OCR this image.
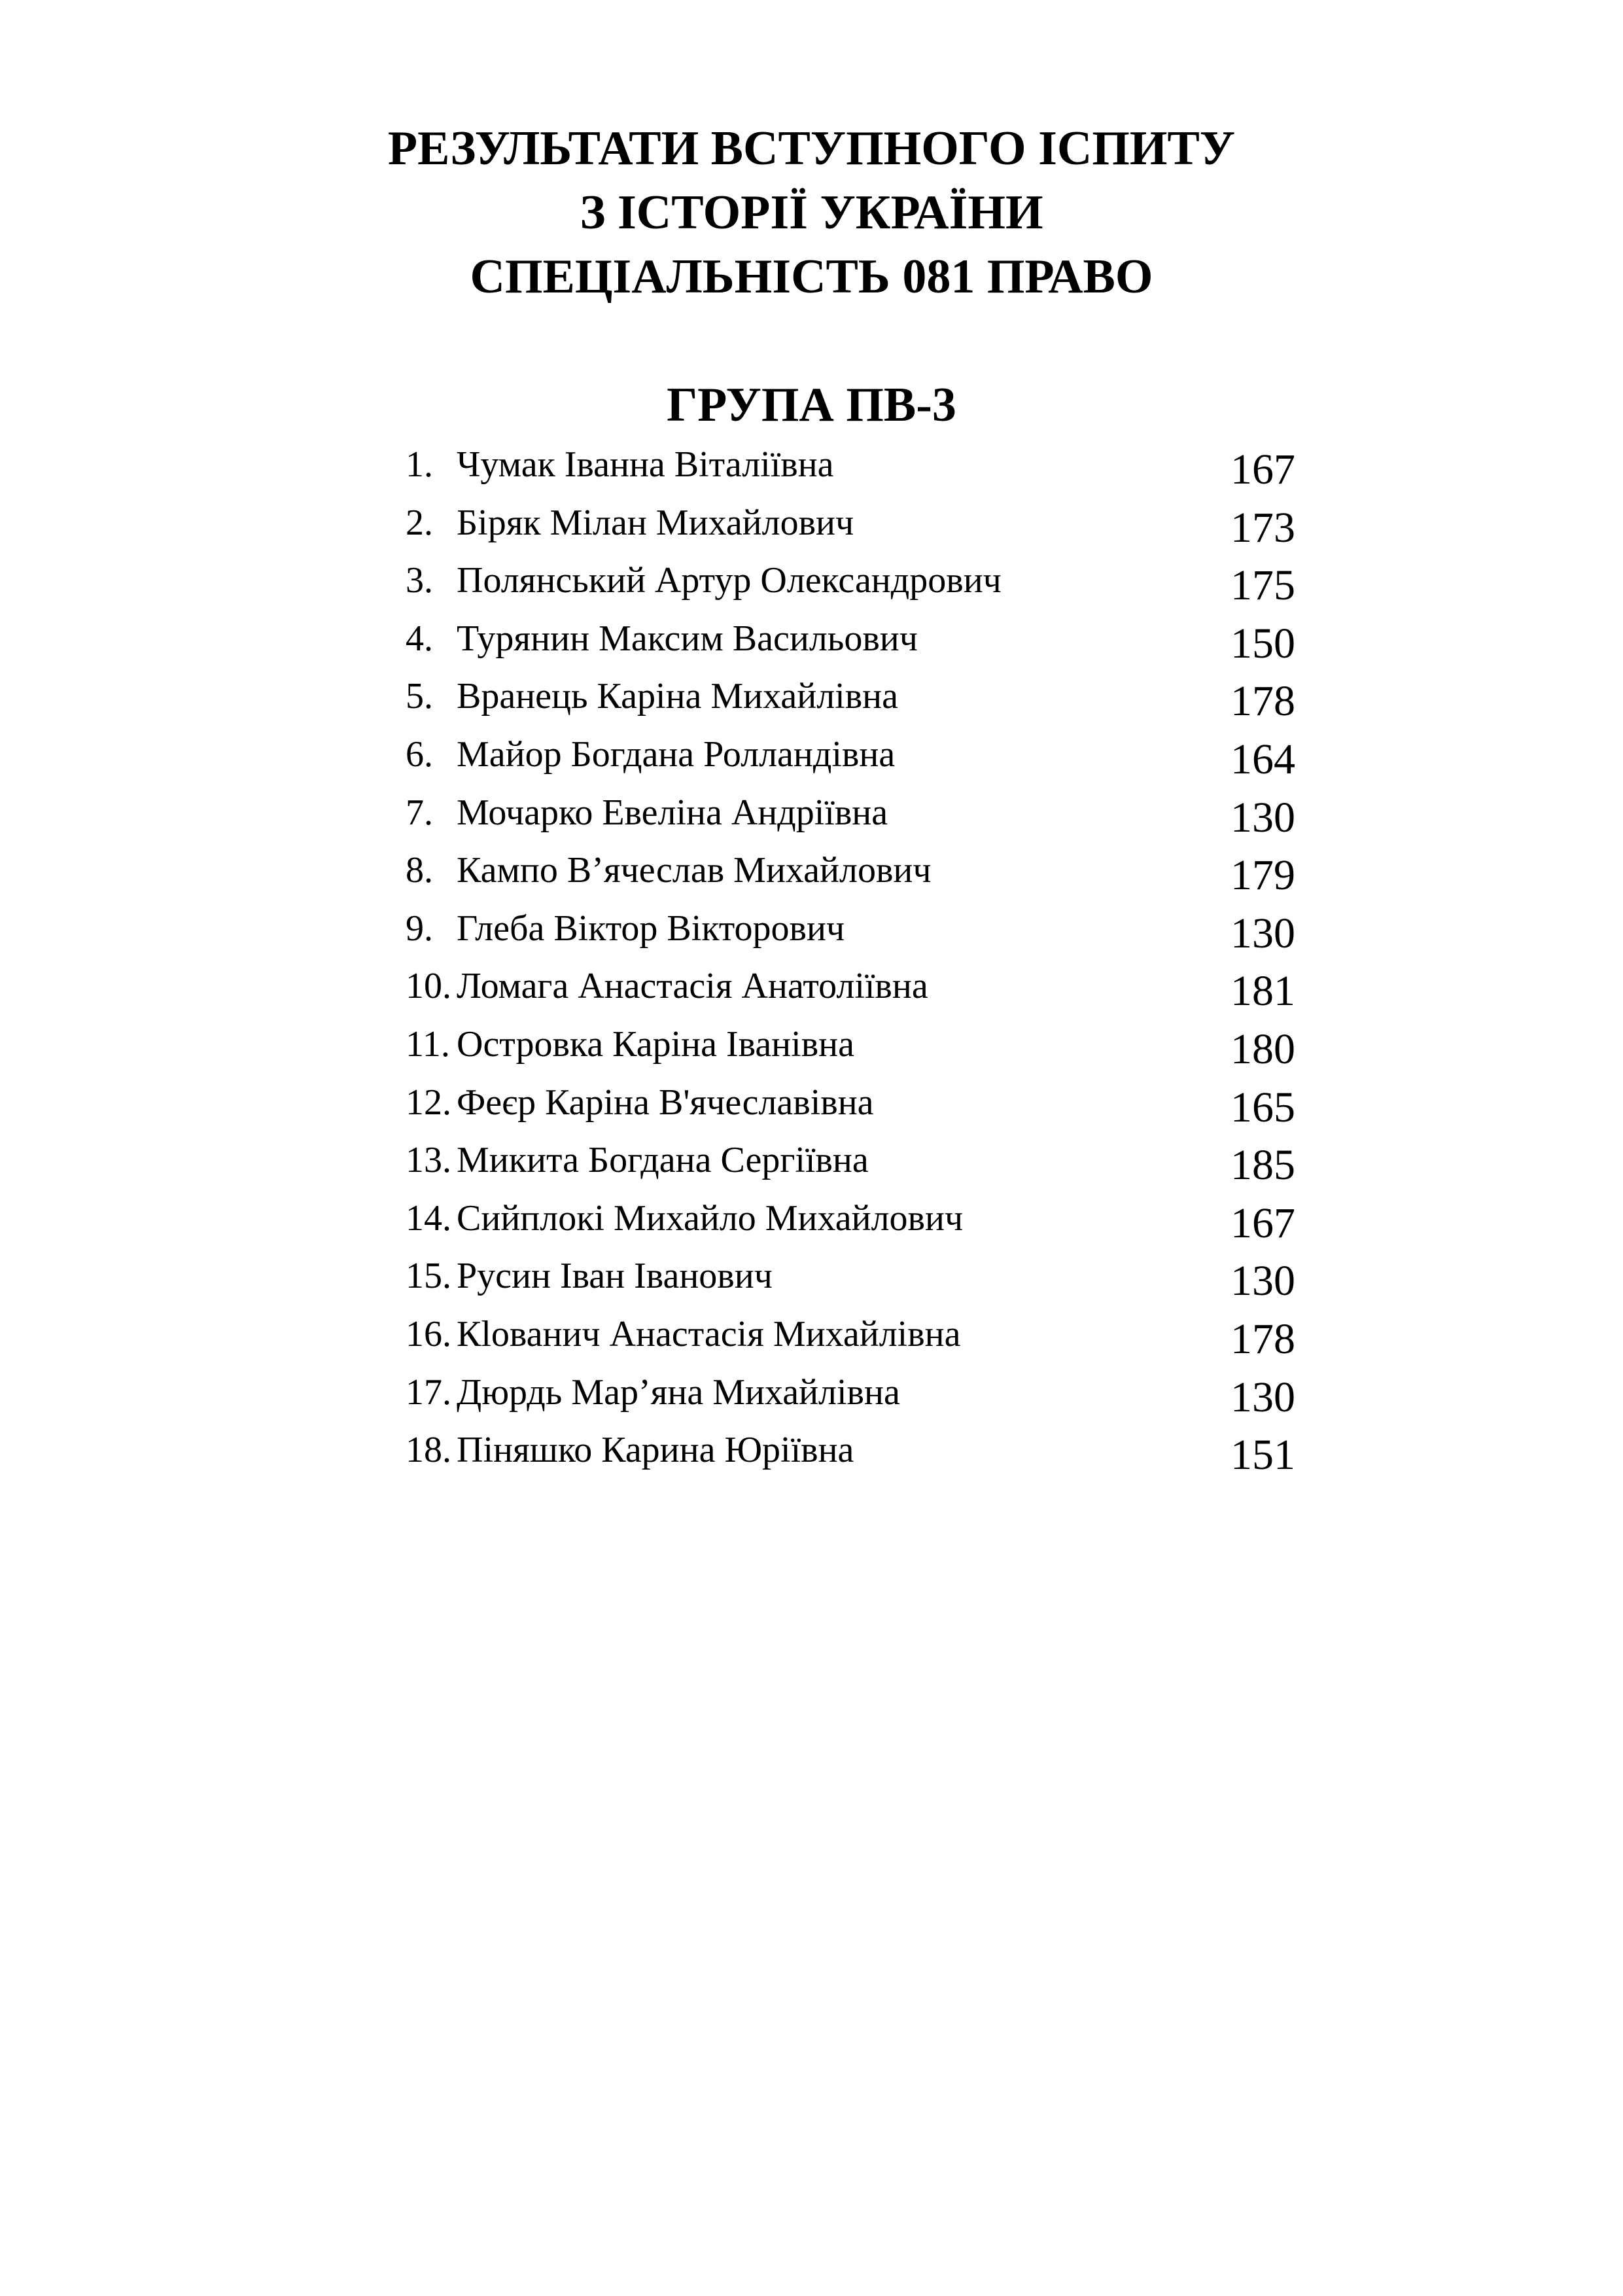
РЕЗУЛЬТАТИ ВСТУПНОГО ІСПИТУ
З ІСТОРІЇ УКРАЇНИ
СПЕЦІАЛЬНІСТЬ 081 ПРАВО
ГРУПА ПВ-3
1. Чумак Іванна Віталіївна	167
2. Біряк Мілан Михайлович	173
3. Полянський Артур Олександрович	175
4. Турянин Максим Васильович	150
5. Вранець Каріна Михайлівна	178
6. Майор Богдана Ролландівна	164
7. Мочарко Евеліна Андріївна	130
8. Кампо В’ячеслав Михайлович	179
9. Глеба Віктор Вікторович	130
10. Ломага Анастасія Анатоліївна	181
11. Островка Каріна Іванівна	180
12. Феєр Каріна В'ячеславівна	165
13. Микита Богдана Сергіївна	185
14. Сийплокі Михайло Михайлович	167
15. Русин Іван Іванович	130
16. Кlованич Анастасія Михайлівна	178
17. Дюрдь Мар’яна Михайлівна	130
18. Піняшко Карина Юріївна	151
